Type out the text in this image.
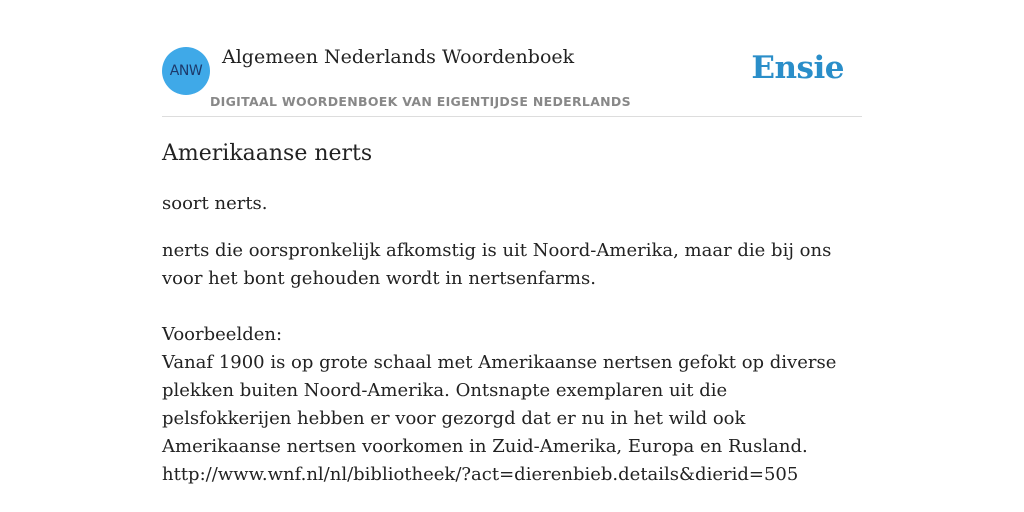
ANW
Algemeen Nederlands Woordenboek
DIGITAAL WOORDENBOEK VAN EIGENTIJDSE NEDERLANDS
Ensie
Amerikaanse nerts

soort nerts.

nerts die oorspronkelijk afkomstig is uit Noord-Amerika, maar die bij ons voor het bont gehouden wordt in nertsenfarms.

Voorbeelden:
Vanaf 1900 is op grote schaal met Amerikaanse nertsen gefokt op diverse plekken buiten Noord-Amerika. Ontsnapte exemplaren uit die pelsfokkerijen hebben er voor gezorgd dat er nu in het wild ook Amerikaanse nertsen voorkomen in Zuid-Amerika, Europa en Rusland.
http://www.wnf.nl/nl/bibliotheek/?act=dierenbieb.details&dierid=505
